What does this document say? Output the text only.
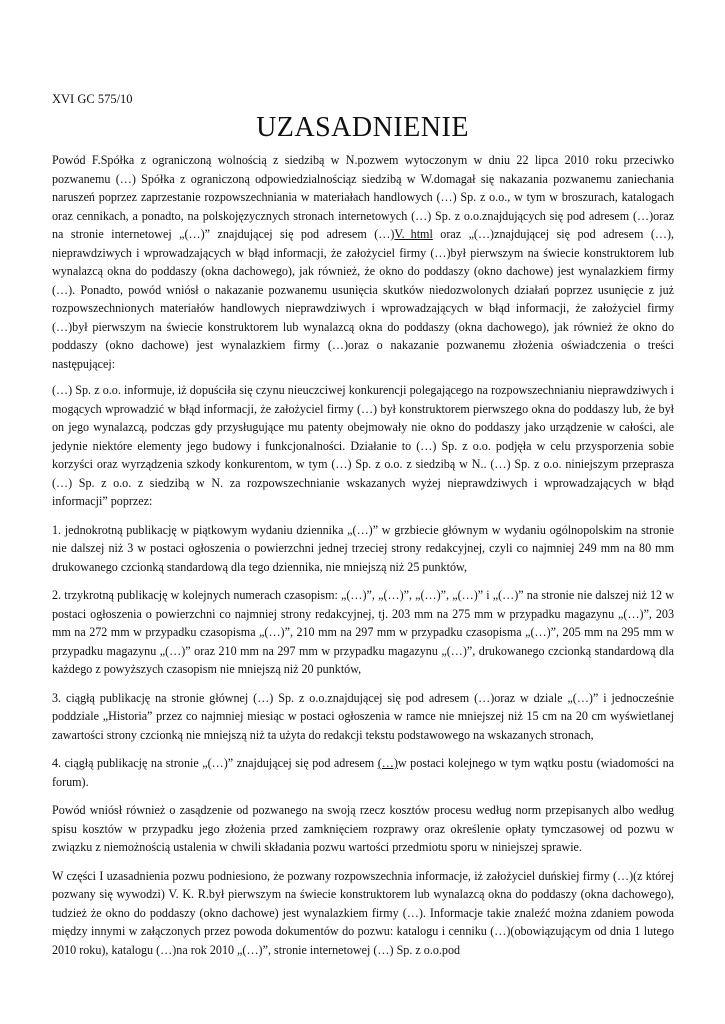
XVI GC 575/10
UZASADNIENIE

Powód F.Spółka z ograniczoną wolnością z siedzibą w N.pozwem wytoczonym w dniu 22 lipca 2010 roku przeciwko pozwanemu (…) Spółka z ograniczoną odpowiedzialnościąz siedzibą w W.domagał się nakazania pozwanemu zaniechania naruszeń poprzez zaprzestanie rozpowszechniania w materiałach handlowych (…) Sp. z o.o., w tym w broszurach, katalogach oraz cennikach, a ponadto, na polskojęzycznych stronach internetowych (…) Sp. z o.o.znajdujących się pod adresem (…)oraz na stronie internetowej „(…)” znajdującej się pod adresem (…)V._html oraz „(…)znajdującej się pod adresem (…), nieprawdziwych i wprowadzających w błąd informacji, że założyciel firmy (…)był pierwszym na świecie konstruktorem lub wynalazcą okna do poddaszy (okna dachowego), jak również, że okno do poddaszy (okno dachowe) jest wynalazkiem firmy (…). Ponadto, powód wniósł o nakazanie pozwanemu usunięcia skutków niedozwolonych działań poprzez usunięcie z już rozpowszechnionych materiałów handlowych nieprawdziwych i wprowadzających w błąd informacji, że założyciel firmy (…)był pierwszym na świecie konstruktorem lub wynalazcą okna do poddaszy (okna dachowego), jak również że okno do poddaszy (okno dachowe) jest wynalazkiem firmy (…)oraz o nakazanie pozwanemu złożenia oświadczenia o treści następującej:

(…) Sp. z o.o. informuje, iż dopuściła się czynu nieuczciwej konkurencji polegającego na rozpowszechnianiu nieprawdziwych i mogących wprowadzić w błąd informacji, że założyciel firmy (…) był konstruktorem pierwszego okna do poddaszy lub, że był on jego wynalazcą, podczas gdy przysługujące mu patenty obejmowały nie okno do poddaszy jako urządzenie w całości, ale jedynie niektóre elementy jego budowy i funkcjonalności. Działanie to (…) Sp. z o.o. podjęła w celu przysporzenia sobie korzyści oraz wyrządzenia szkody konkurentom, w tym (…) Sp. z o.o. z siedzibą w N.. (…) Sp. z o.o. niniejszym przeprasza (…) Sp. z o.o. z siedzibą w N. za rozpowszechnianie wskazanych wyżej nieprawdziwych i wprowadzających w błąd informacji” poprzez:

1. jednokrotną publikację w piątkowym wydaniu dziennika „(…)” w grzbiecie głównym w wydaniu ogólnopolskim na stronie nie dalszej niż 3 w postaci ogłoszenia o powierzchni jednej trzeciej strony redakcyjnej, czyli co najmniej 249 mm na 80 mm drukowanego czcionką standardową dla tego dziennika, nie mniejszą niż 25 punktów,

2. trzykrotną publikację w kolejnych numerach czasopism: „(…)”, „(…)”, „(…)”, „(…)” i „(…)” na stronie nie dalszej niż 12 w postaci ogłoszenia o powierzchni co najmniej strony redakcyjnej, tj. 203 mm na 275 mm w przypadku magazynu „(…)”, 203 mm na 272 mm w przypadku czasopisma „(…)”, 210 mm na 297 mm w przypadku czasopisma „(…)”, 205 mm na 295 mm w przypadku magazynu „(…)” oraz 210 mm na 297 mm w przypadku magazynu „(…)”, drukowanego czcionką standardową dla każdego z powyższych czasopism nie mniejszą niż 20 punktów,

3. ciągłą publikację na stronie głównej (…) Sp. z o.o.znajdującej się pod adresem (…)oraz w dziale „(…)” i jednocześnie poddziale „Historia” przez co najmniej miesiąc w postaci ogłoszenia w ramce nie mniejszej niż 15 cm na 20 cm wyświetlanej zawartości strony czcionką nie mniejszą niż ta użyta do redakcji tekstu podstawowego na wskazanych stronach,

4. ciągłą publikację na stronie „(…)” znajdującej się pod adresem (…)w postaci kolejnego w tym wątku postu (wiadomości na forum).

Powód wniósł również o zasądzenie od pozwanego na swoją rzecz kosztów procesu według norm przepisanych albo według spisu kosztów w przypadku jego złożenia przed zamknięciem rozprawy oraz określenie opłaty tymczasowej od pozwu w związku z niemożnością ustalenia w chwili składania pozwu wartości przedmiotu sporu w niniejszej sprawie.

W części I uzasadnienia pozwu podniesiono, że pozwany rozpowszechnia informacje, iż założyciel duńskiej firmy (…)(z której pozwany się wywodzi) V. K. R.był pierwszym na świecie konstruktorem lub wynalazcą okna do poddaszy (okna dachowego), tudzież że okno do poddaszy (okno dachowe) jest wynalazkiem firmy (…). Informacje takie znaleźć można zdaniem powoda między innymi w załączonych przez powoda dokumentów do pozwu: katalogu i cenniku (…)(obowiązującym od dnia 1 lutego 2010 roku), katalogu (…)na rok 2010 „(…)”, stronie internetowej (…) Sp. z o.o.pod
